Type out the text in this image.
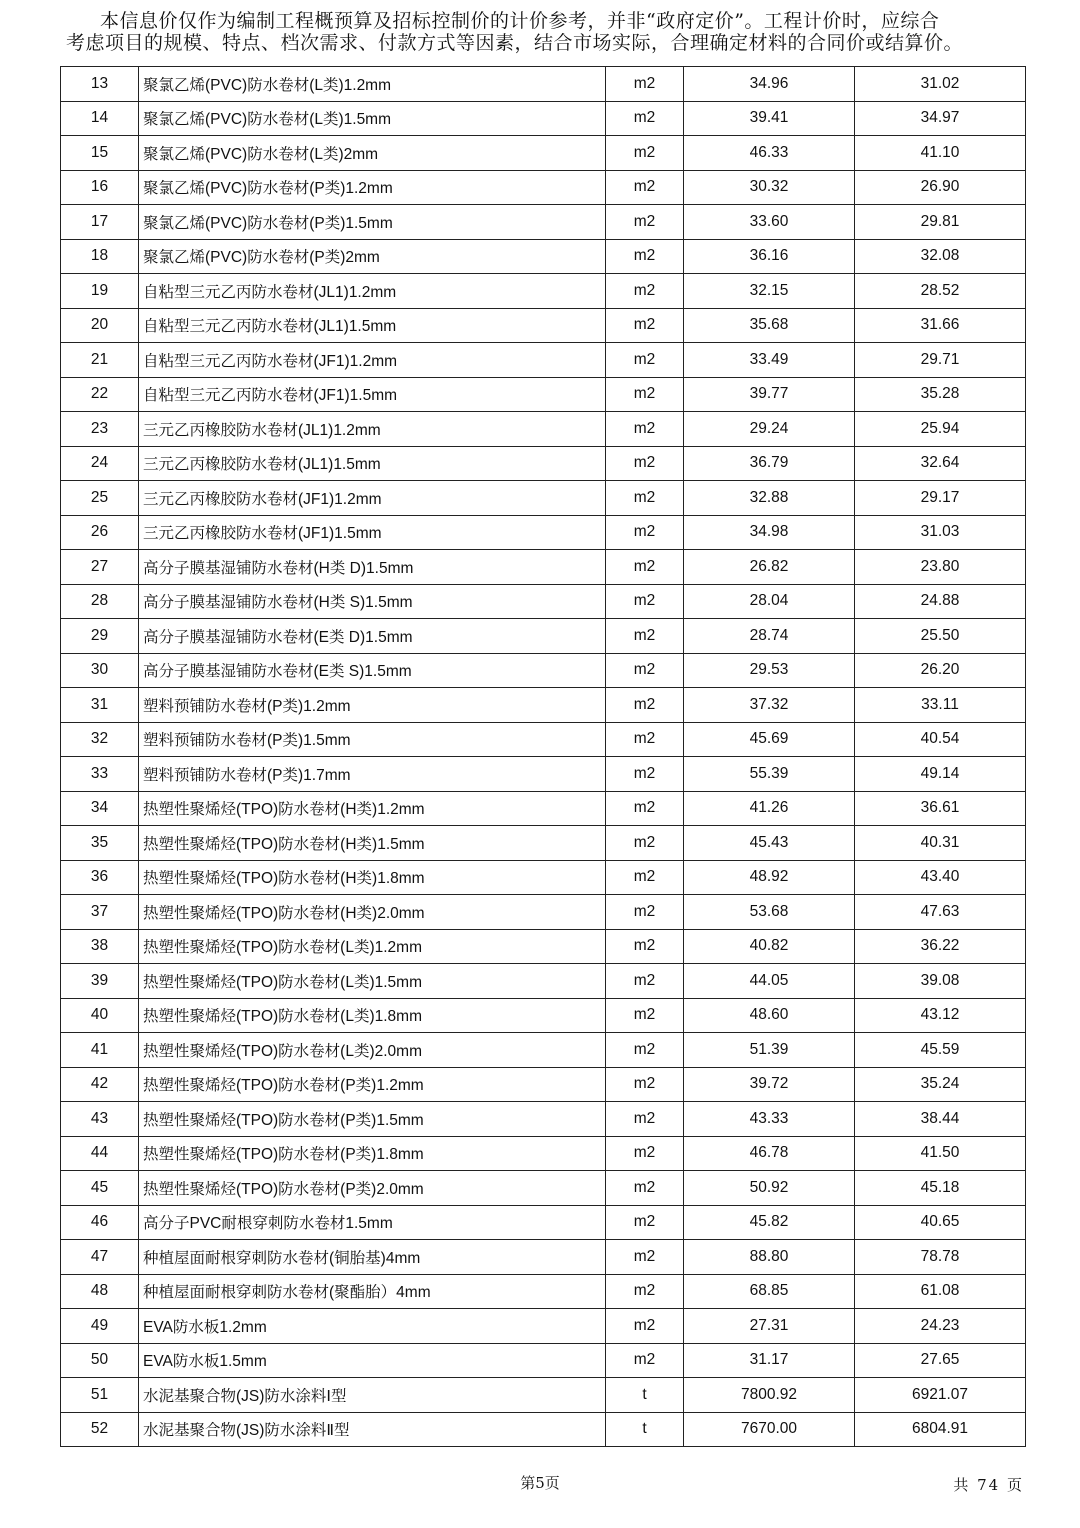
本信息价仅作为编制工程概预算及招标控制价的计价参考，并非“政府定价”。工程计价时，应综合
考虑项目的规模、特点、档次需求、付款方式等因素，结合市场实际，合理确定材料的合同价或结算价。
13	聚氯乙烯(PVC)防水卷材(L类)1.2mm	m2	34.96	31.02
14	聚氯乙烯(PVC)防水卷材(L类)1.5mm	m2	39.41	34.97
15	聚氯乙烯(PVC)防水卷材(L类)2mm	m2	46.33	41.10
16	聚氯乙烯(PVC)防水卷材(P类)1.2mm	m2	30.32	26.90
17	聚氯乙烯(PVC)防水卷材(P类)1.5mm	m2	33.60	29.81
18	聚氯乙烯(PVC)防水卷材(P类)2mm	m2	36.16	32.08
19	自粘型三元乙丙防水卷材(JL1)1.2mm	m2	32.15	28.52
20	自粘型三元乙丙防水卷材(JL1)1.5mm	m2	35.68	31.66
21	自粘型三元乙丙防水卷材(JF1)1.2mm	m2	33.49	29.71
22	自粘型三元乙丙防水卷材(JF1)1.5mm	m2	39.77	35.28
23	三元乙丙橡胶防水卷材(JL1)1.2mm	m2	29.24	25.94
24	三元乙丙橡胶防水卷材(JL1)1.5mm	m2	36.79	32.64
25	三元乙丙橡胶防水卷材(JF1)1.2mm	m2	32.88	29.17
26	三元乙丙橡胶防水卷材(JF1)1.5mm	m2	34.98	31.03
27	高分子膜基湿铺防水卷材(H类 D)1.5mm	m2	26.82	23.80
28	高分子膜基湿铺防水卷材(H类 S)1.5mm	m2	28.04	24.88
29	高分子膜基湿铺防水卷材(E类 D)1.5mm	m2	28.74	25.50
30	高分子膜基湿铺防水卷材(E类 S)1.5mm	m2	29.53	26.20
31	塑料预铺防水卷材(P类)1.2mm	m2	37.32	33.11
32	塑料预铺防水卷材(P类)1.5mm	m2	45.69	40.54
33	塑料预铺防水卷材(P类)1.7mm	m2	55.39	49.14
34	热塑性聚烯烃(TPO)防水卷材(H类)1.2mm	m2	41.26	36.61
35	热塑性聚烯烃(TPO)防水卷材(H类)1.5mm	m2	45.43	40.31
36	热塑性聚烯烃(TPO)防水卷材(H类)1.8mm	m2	48.92	43.40
37	热塑性聚烯烃(TPO)防水卷材(H类)2.0mm	m2	53.68	47.63
38	热塑性聚烯烃(TPO)防水卷材(L类)1.2mm	m2	40.82	36.22
39	热塑性聚烯烃(TPO)防水卷材(L类)1.5mm	m2	44.05	39.08
40	热塑性聚烯烃(TPO)防水卷材(L类)1.8mm	m2	48.60	43.12
41	热塑性聚烯烃(TPO)防水卷材(L类)2.0mm	m2	51.39	45.59
42	热塑性聚烯烃(TPO)防水卷材(P类)1.2mm	m2	39.72	35.24
43	热塑性聚烯烃(TPO)防水卷材(P类)1.5mm	m2	43.33	38.44
44	热塑性聚烯烃(TPO)防水卷材(P类)1.8mm	m2	46.78	41.50
45	热塑性聚烯烃(TPO)防水卷材(P类)2.0mm	m2	50.92	45.18
46	高分子PVC耐根穿刺防水卷材1.5mm	m2	45.82	40.65
47	种植屋面耐根穿刺防水卷材(铜胎基)4mm	m2	88.80	78.78
48	种植屋面耐根穿刺防水卷材(聚酯胎）4mm	m2	68.85	61.08
49	EVA防水板1.2mm	m2	27.31	24.23
50	EVA防水板1.5mm	m2	31.17	27.65
51	水泥基聚合物(JS)防水涂料Ⅰ型	t	7800.92	6921.07
52	水泥基聚合物(JS)防水涂料Ⅱ型	t	7670.00	6804.91
第5页	共 74 页
